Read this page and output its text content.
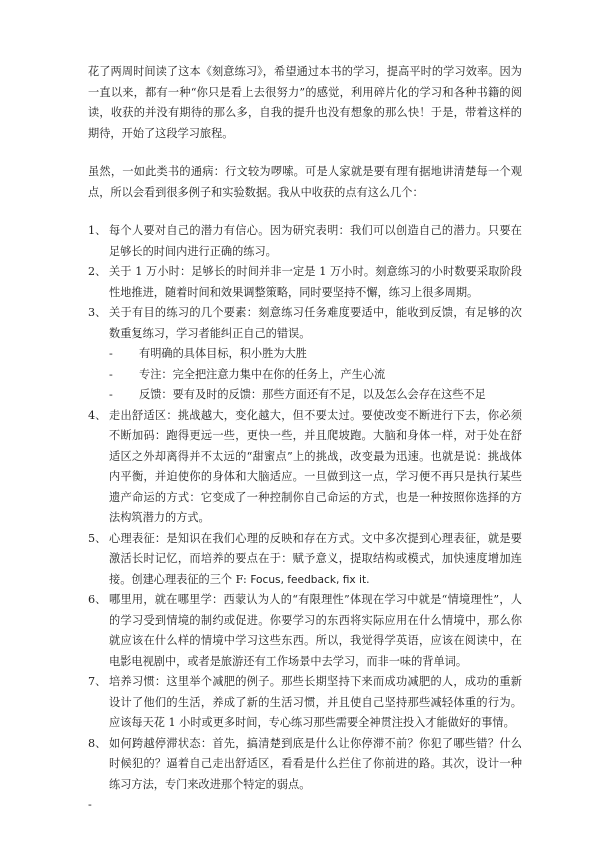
花了两周时间读了这本《刻意练习》，希望通过本书的学习，提高平时的学习效率。因为一直以来，都有一种“你只是看上去很努力”的感觉，利用碎片化的学习和各种书籍的阅读，收获的并没有期待的那么多，自我的提升也没有想象的那么快！于是，带着这样的期待，开始了这段学习旅程。

虽然，一如此类书的通病：行文较为啰嗦。可是人家就是要有理有据地讲清楚每一个观点，所以会看到很多例子和实验数据。我从中收获的点有这么几个：

1、 每个人要对自己的潜力有信心。因为研究表明：我们可以创造自己的潜力。只要在足够长的时间内进行正确的练习。
2、 关于 1 万小时：足够长的时间并非一定是 1 万小时。刻意练习的小时数要采取阶段性地推进，随着时间和效果调整策略，同时要坚持不懈，练习上很多周期。
3、 关于有目的练习的几个要素：刻意练习任务难度要适中，能收到反馈，有足够的次数重复练习，学习者能纠正自己的错误。
- 有明确的具体目标，积小胜为大胜
- 专注：完全把注意力集中在你的任务上，产生心流
- 反馈：要有及时的反馈：那些方面还有不足，以及怎么会存在这些不足
4、 走出舒适区：挑战越大，变化越大，但不要太过。要使改变不断进行下去，你必须不断加码：跑得更远一些，更快一些，并且爬坡跑。大脑和身体一样，对于处在舒适区之外却离得并不太远的“甜蜜点”上的挑战，改变最为迅速。也就是说：挑战体内平衡，并迫使你的身体和大脑适应。一旦做到这一点，学习便不再只是执行某些遗产命运的方式：它变成了一种控制你自己命运的方式，也是一种按照你选择的方法构筑潜力的方式。
5、 心理表征：是知识在我们心理的反映和存在方式。文中多次提到心理表征，就是要激活长时记忆，而培养的要点在于：赋予意义，提取结构或模式，加快速度增加连接。创建心理表征的三个 F: Focus, feedback, fix it.
6、 哪里用，就在哪里学：西蒙认为人的“有限理性”体现在学习中就是“情境理性”，人的学习受到情境的制约或促进。你要学习的东西将实际应用在什么情境中，那么你就应该在什么样的情境中学习这些东西。所以，我觉得学英语，应该在阅读中，在电影电视剧中，或者是旅游还有工作场景中去学习，而非一味的背单词。
7、 培养习惯：这里举个减肥的例子。那些长期坚持下来而成功减肥的人，成功的重新设计了他们的生活，养成了新的生活习惯，并且使自己坚持那些减轻体重的行为。应该每天花 1 小时或更多时间，专心练习那些需要全神贯注投入才能做好的事情。
8、 如何跨越停滞状态：首先，搞清楚到底是什么让你停滞不前？你犯了哪些错？什么时候犯的？逼着自己走出舒适区，看看是什么拦住了你前进的路。其次，设计一种练习方法，专门来改进那个特定的弱点。

-
